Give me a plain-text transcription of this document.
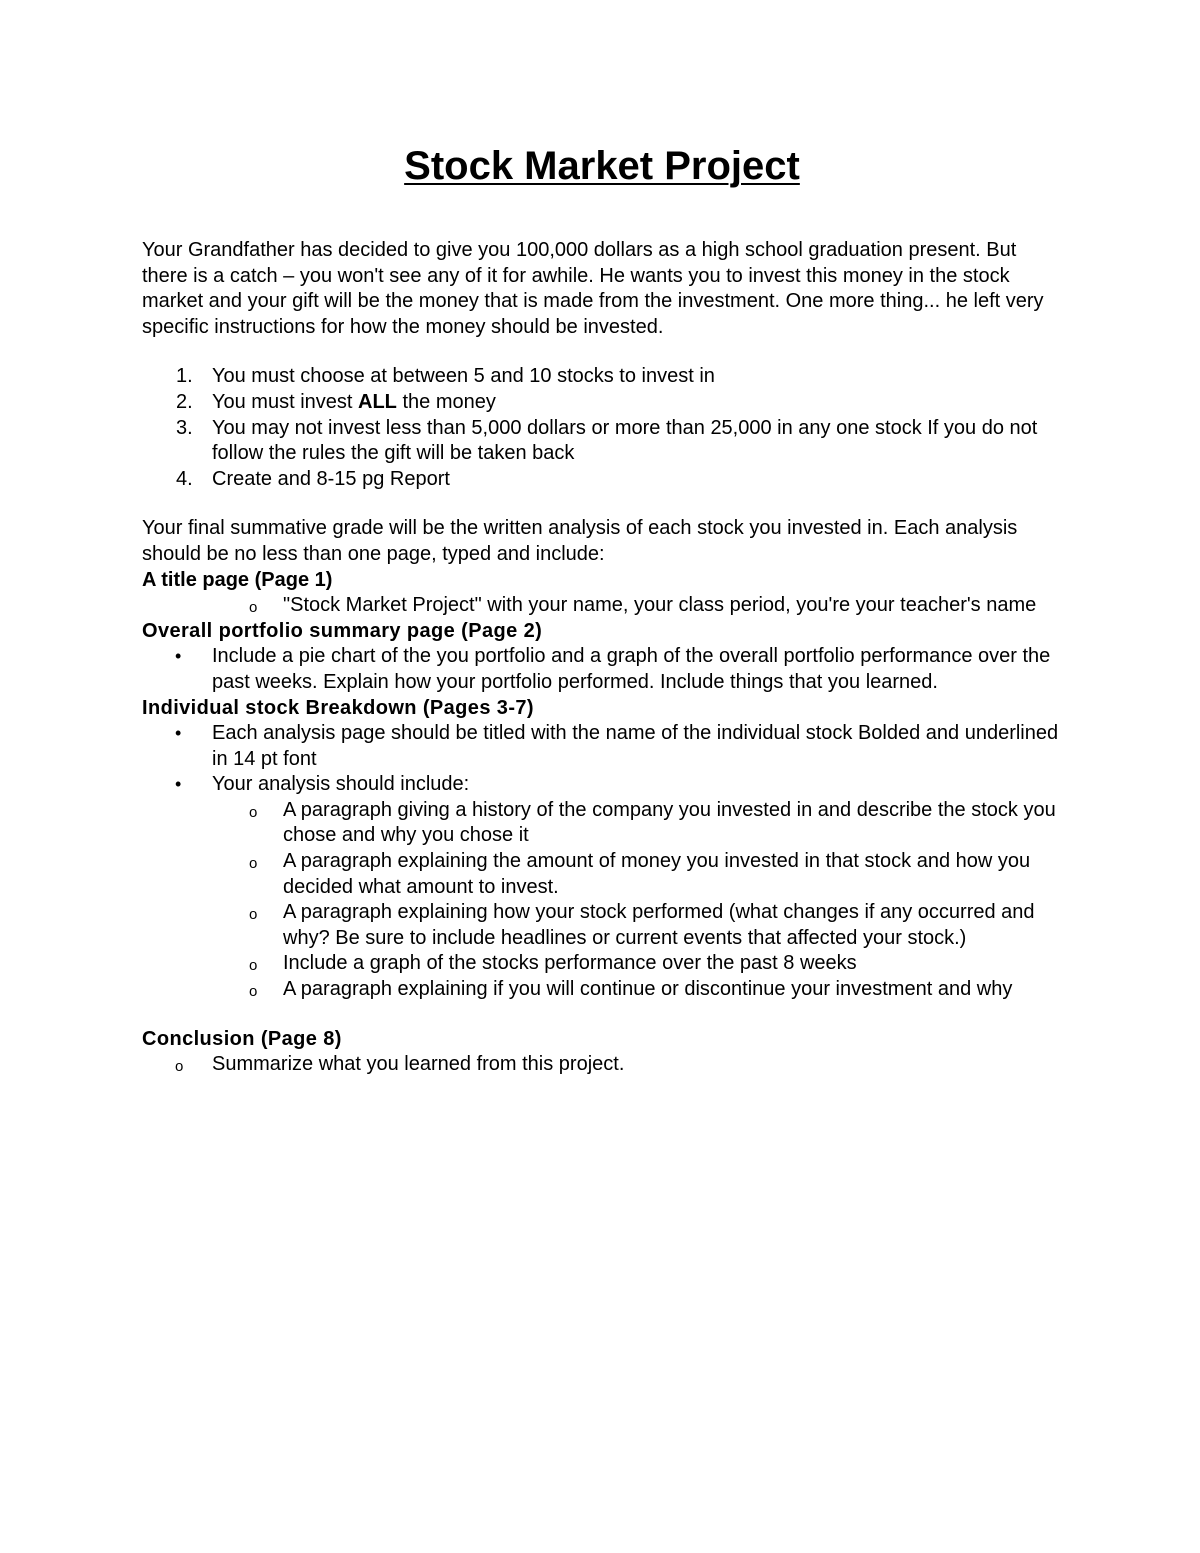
Stock Market Project

Your Grandfather has decided to give you 100,000 dollars as a high school graduation present. But there is a catch – you won't see any of it for awhile. He wants you to invest this money in the stock market and your gift will be the money that is made from the investment. One more thing... he left very specific instructions for how the money should be invested.

1. You must choose at between 5 and 10 stocks to invest in
2. You must invest ALL the money
3. You may not invest less than 5,000 dollars or more than 25,000 in any one stock If you do not follow the rules the gift will be taken back
4. Create and 8-15 pg Report

Your final summative grade will be the written analysis of each stock you invested in. Each analysis should be no less than one page, typed and include:

A title page (Page 1)
o "Stock Market Project" with your name, your class period, you're your teacher's name
Overall portfolio summary page (Page 2)
• Include a pie chart of the you portfolio and a graph of the overall portfolio performance over the past weeks. Explain how your portfolio performed. Include things that you learned.
Individual stock Breakdown (Pages 3-7)
• Each analysis page should be titled with the name of the individual stock Bolded and underlined in 14 pt font
• Your analysis should include:
o A paragraph giving a history of the company you invested in and describe the stock you chose and why you chose it
o A paragraph explaining the amount of money you invested in that stock and how you decided what amount to invest.
o A paragraph explaining how your stock performed (what changes if any occurred and why? Be sure to include headlines or current events that affected your stock.)
o Include a graph of the stocks performance over the past 8 weeks
o A paragraph explaining if you will continue or discontinue your investment and why
Conclusion (Page 8)
o Summarize what you learned from this project.
